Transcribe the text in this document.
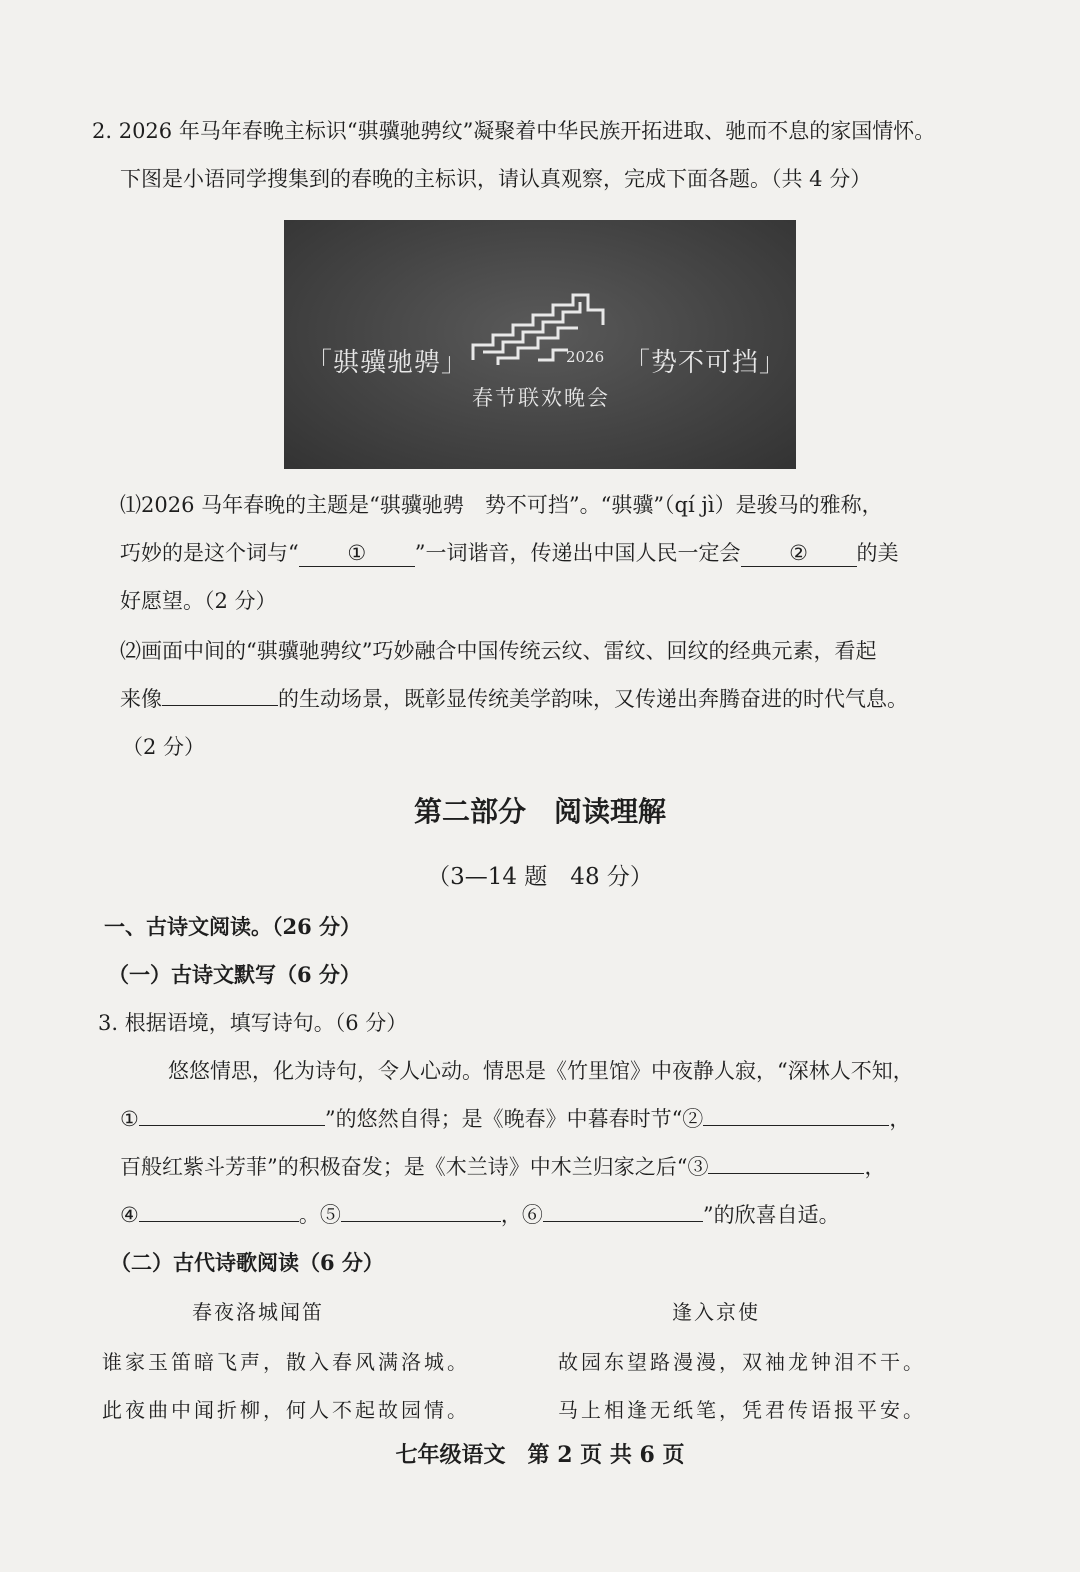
2. 2026 年马年春晚主标识“骐骥驰骋纹”凝聚着中华民族开拓进取、驰而不息的家国情怀。
下图是小语同学搜集到的春晚的主标识，请认真观察，完成下面各题。（共 4 分）
「骐骥驰骋」	2026
春节联欢晚会
「势不可挡」
⑴2026 马年春晚的主题是“骐骥驰骋　势不可挡”。“骐骥”（qí jì）是骏马的雅称，
巧妙的是这个词与“ ① ”一词谐音，传递出中国人民一定会 ② 的美
好愿望。（2 分）
⑵画面中间的“骐骥驰骋纹”巧妙融合中国传统云纹、雷纹、回纹的经典元素，看起
来像	的生动场景，既彰显传统美学韵味，又传递出奔腾奋进的时代气息。
（2 分）
第二部分　阅读理解
（3—14 题　48 分）
一、古诗文阅读。（26 分）
（一）古诗文默写（6 分）
3. 根据语境，填写诗句。（6 分）
悠悠情思，化为诗句，令人心动。情思是《竹里馆》中夜静人寂，“深林人不知，
①	”的悠然自得；是《晚春》中暮春时节“②	，
百般红紫斗芳菲”的积极奋发；是《木兰诗》中木兰归家之后“③	，
④	。⑤	，⑥	”的欣喜自适。
（二）古代诗歌阅读（6 分）
春夜洛城闻笛
谁家玉笛暗飞声，散入春风满洛城。
此夜曲中闻折柳，何人不起故园情。
逢入京使
故园东望路漫漫，双袖龙钟泪不干。
马上相逢无纸笔，凭君传语报平安。
七年级语文　第 2 页 共 6 页
